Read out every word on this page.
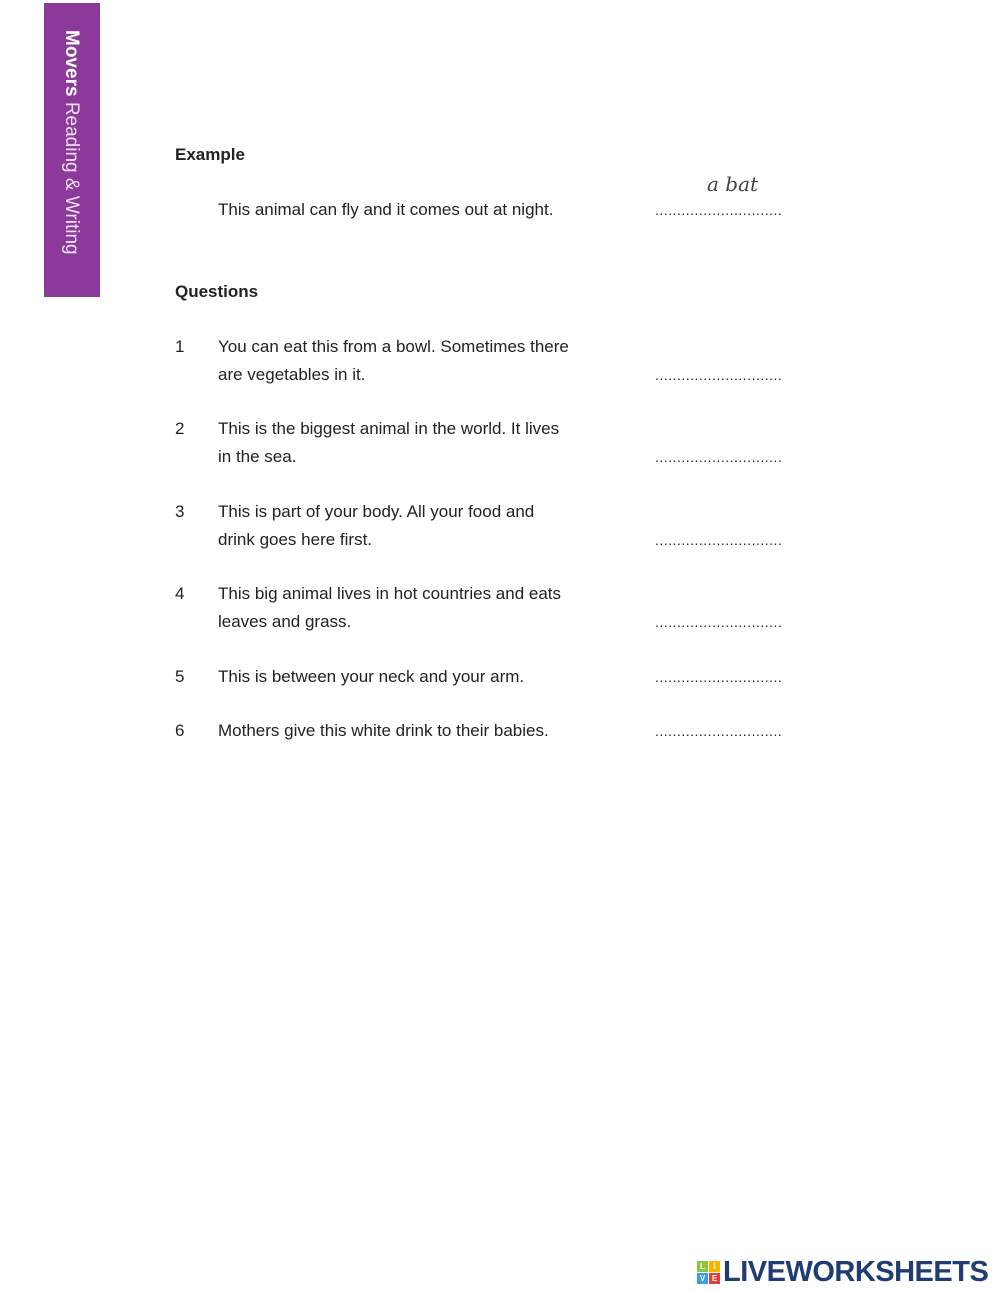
Movers Reading & Writing	Example
This animal can fly and it comes out at night.
a bat
.............................
Questions
1 You can eat this from a bowl. Sometimes there
are vegetables in it.	.............................
2 This is the biggest animal in the world. It lives
in the sea.	.............................
3 This is part of your body. All your food and
drink goes here first.	.............................
4 This big animal lives in hot countries and eats
leaves and grass.	.............................
5 This is between your neck and your arm.	.............................
6 Mothers give this white drink to their babies.	.............................
L	I
V E LIVEWORKSHEETS
